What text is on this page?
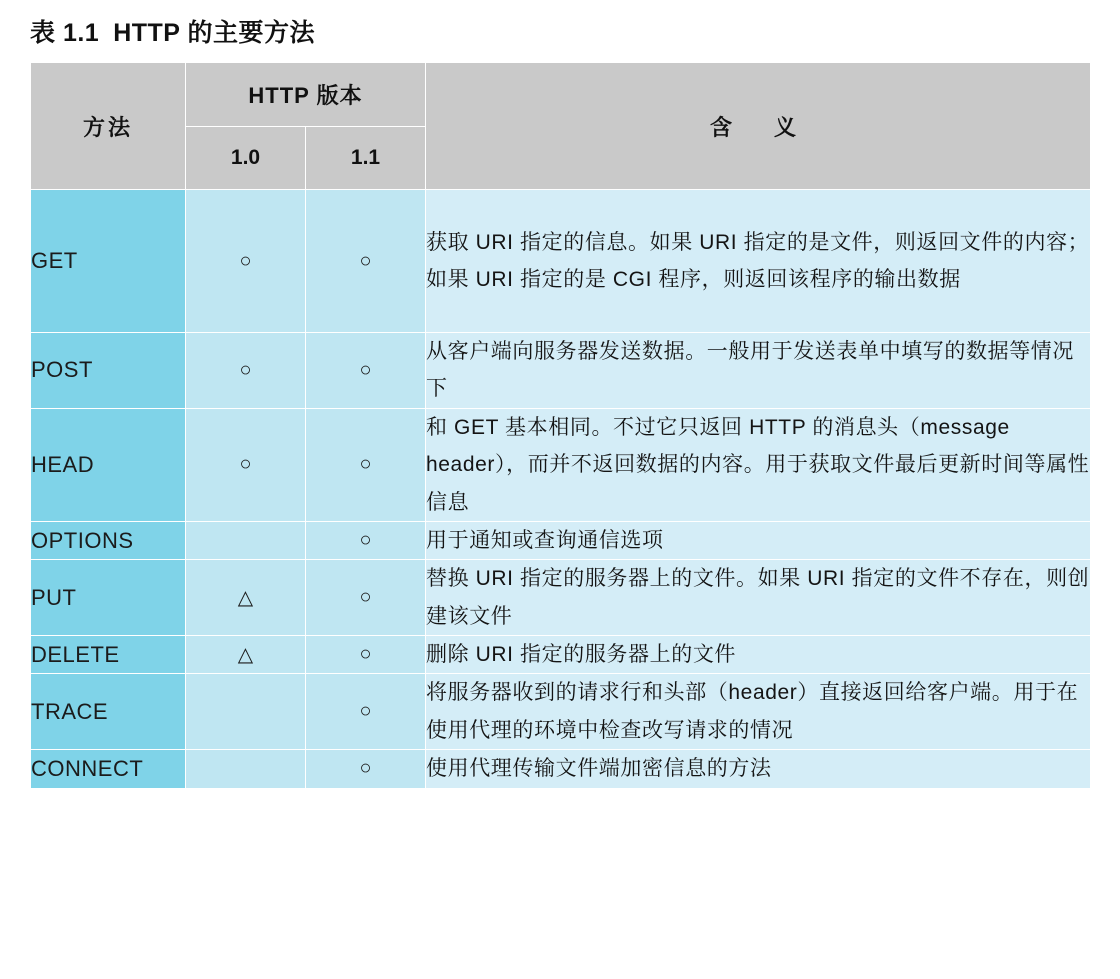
表 1.1 HTTP 的主要方法
方法	HTTP 版本		含　义
	1.0	1.1	
GET	○	○	获取 URI 指定的信息。如果 URI 指定的是文件，则返回文件的内容；如果 URI 指定的是 CGI 程序，则返回该程序的输出数据
POST	○	○	从客户端向服务器发送数据。一般用于发送表单中填写的数据等情况下
HEAD	○	○	和 GET 基本相同。不过它只返回 HTTP 的消息头（message header），而并不返回数据的内容。用于获取文件最后更新时间等属性信息
OPTIONS		○	用于通知或查询通信选项
PUT	△	○	替换 URI 指定的服务器上的文件。如果 URI 指定的文件不存在，则创建该文件
DELETE	△	○	删除 URI 指定的服务器上的文件
TRACE		○	将服务器收到的请求行和头部（header）直接返回给客户端。用于在使用代理的环境中检查改写请求的情况
CONNECT		○	使用代理传输文件端加密信息的方法
